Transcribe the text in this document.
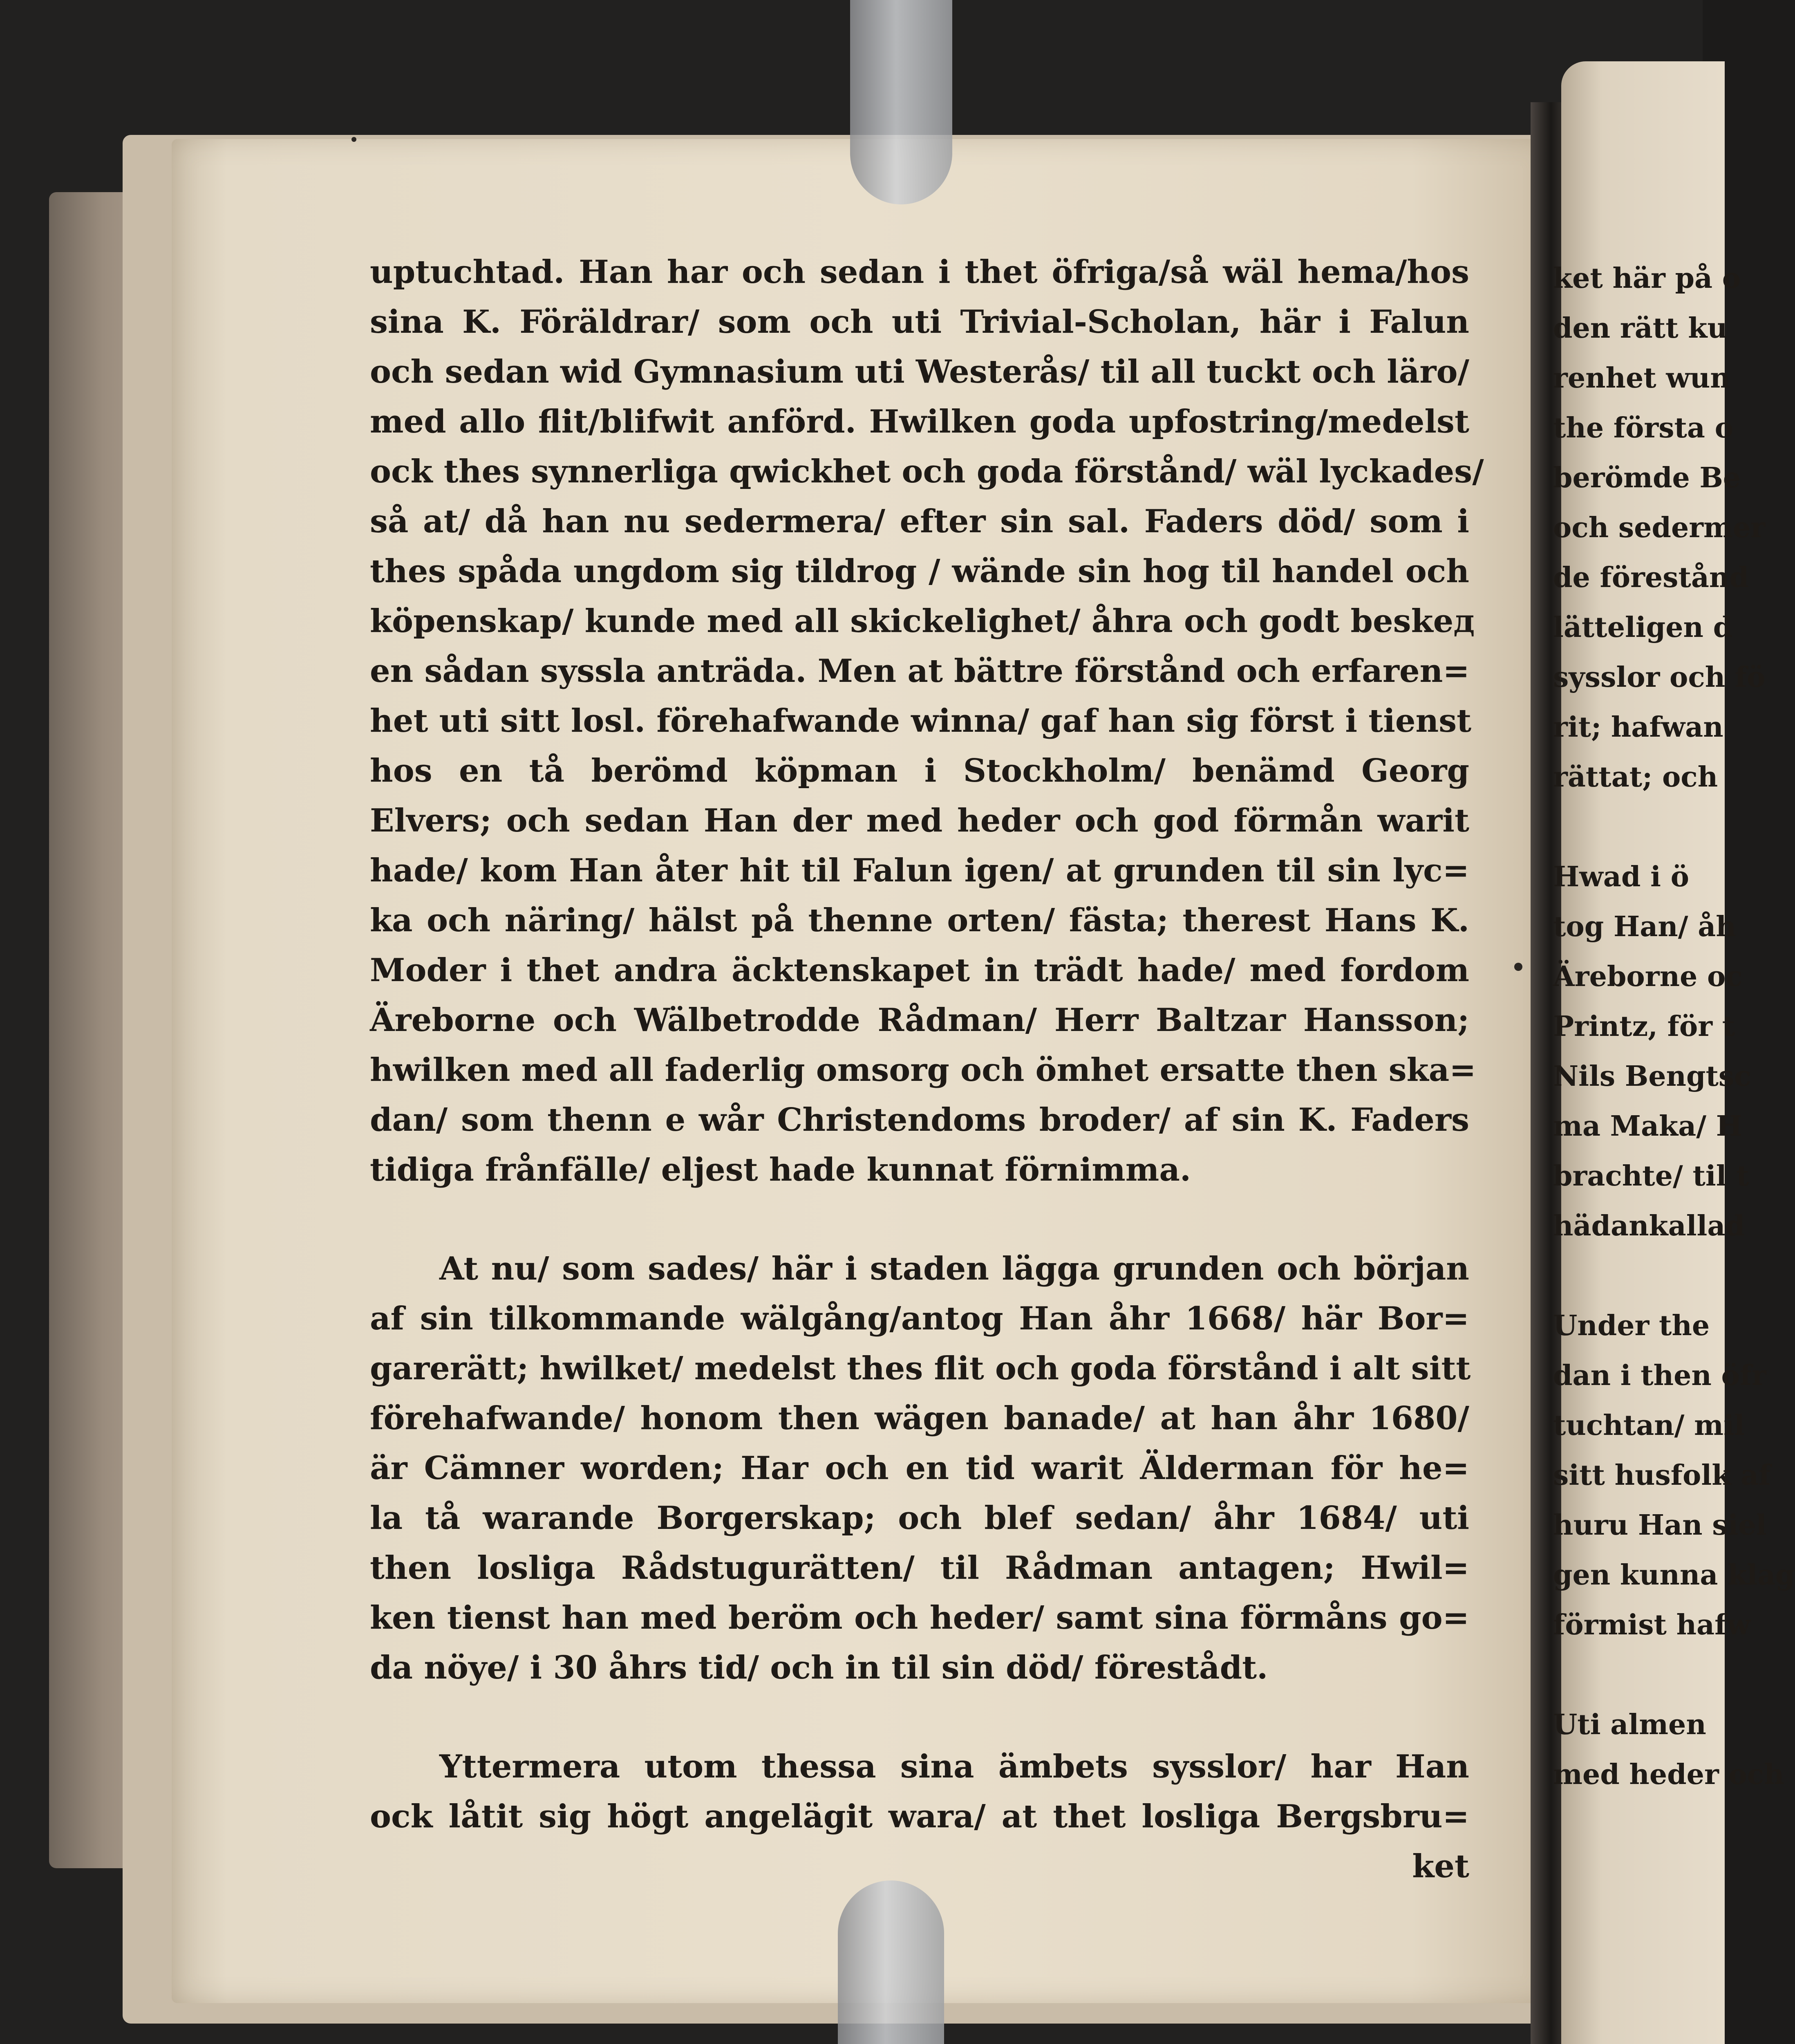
uptuchtad. Han har och sedan i thet öfriga/så wäl hema/hos
sina K. Föräldrar/ som och uti Trivial-Scholan, här i Falun
och sedan wid Gymnasium uti Westerås/ til all tuckt och läro/
med allo flit/blifwit anförd. Hwilken goda upfostring/medelst
ock thes synnerliga qwickhet och goda förstånd/ wäl lyckades/
så at/ då han nu sedermera/ efter sin sal. Faders död/ som i
thes spåda ungdom sig tildrog / wände sin hog til handel och
köpenskap/ kunde med all skickelighet/ åhra och godt beskeд
en sådan syssla anträda. Men at bättre förstånd och erfaren=
het uti sitt losl. förehafwande winna/ gaf han sig först i tienst
hos en tå berömd köpman i Stockholm/ benämd Georg
Elvers; och sedan Han der med heder och god förmån warit
hade/ kom Han åter hit til Falun igen/ at grunden til sin lyc=
ka och näring/ hälst på thenne orten/ fästa; therest Hans K.
Moder i thet andra äcktenskapet in trädt hade/ med fordom
Äreborne och Wälbetrodde Rådman/ Herr Baltzar Hansson;
hwilken med all faderlig omsorg och ömhet ersatte then ska=
dan/ som thenn e wår Christendoms broder/ af sin K. Faders
tidiga frånfälle/ eljest hade kunnat förnimma.
At nu/ som sades/ här i staden lägga grunden och början
af sin tilkommande wälgång/antog Han åhr 1668/ här Bor=
garerätt; hwilket/ medelst thes flit och goda förstånd i alt sitt
förehafwande/ honom then wägen banade/ at han åhr 1680/
är Cämner worden; Har och en tid warit Älderman för he=
la tå warande Borgerskap; och blef sedan/ åhr 1684/ uti
then losliga Rådstugurätten/ til Rådman antagen; Hwil=
ken tienst han med beröm och heder/ samt sina förmåns go=
da nöye/ i 30 åhrs tid/ och in til sin död/ förestådt.
Yttermera utom thessa sina ämbets sysslor/ har Han
ock låtit sig högt angelägit wara/ at thet losliga Bergsbru=
ket
ket här på o
den rätt ku
renhet wun
the första o
berömde Be
och sedermer
de förestånd
lätteligen d
sysslor och fö
rit; hafwan
rättat; och
Hwad i ö
tog Han/ åh
Äreborne oc
Printz, för t
Nils Bengtsc
ma Maka/ H
brachte/ til t
hädankallad
Under the
dan i then öfr
tuchtan/ mil
sitt husfolk af
huru Han siel
gen kunna klag
förmist hafw
Uti almen
med heder och
